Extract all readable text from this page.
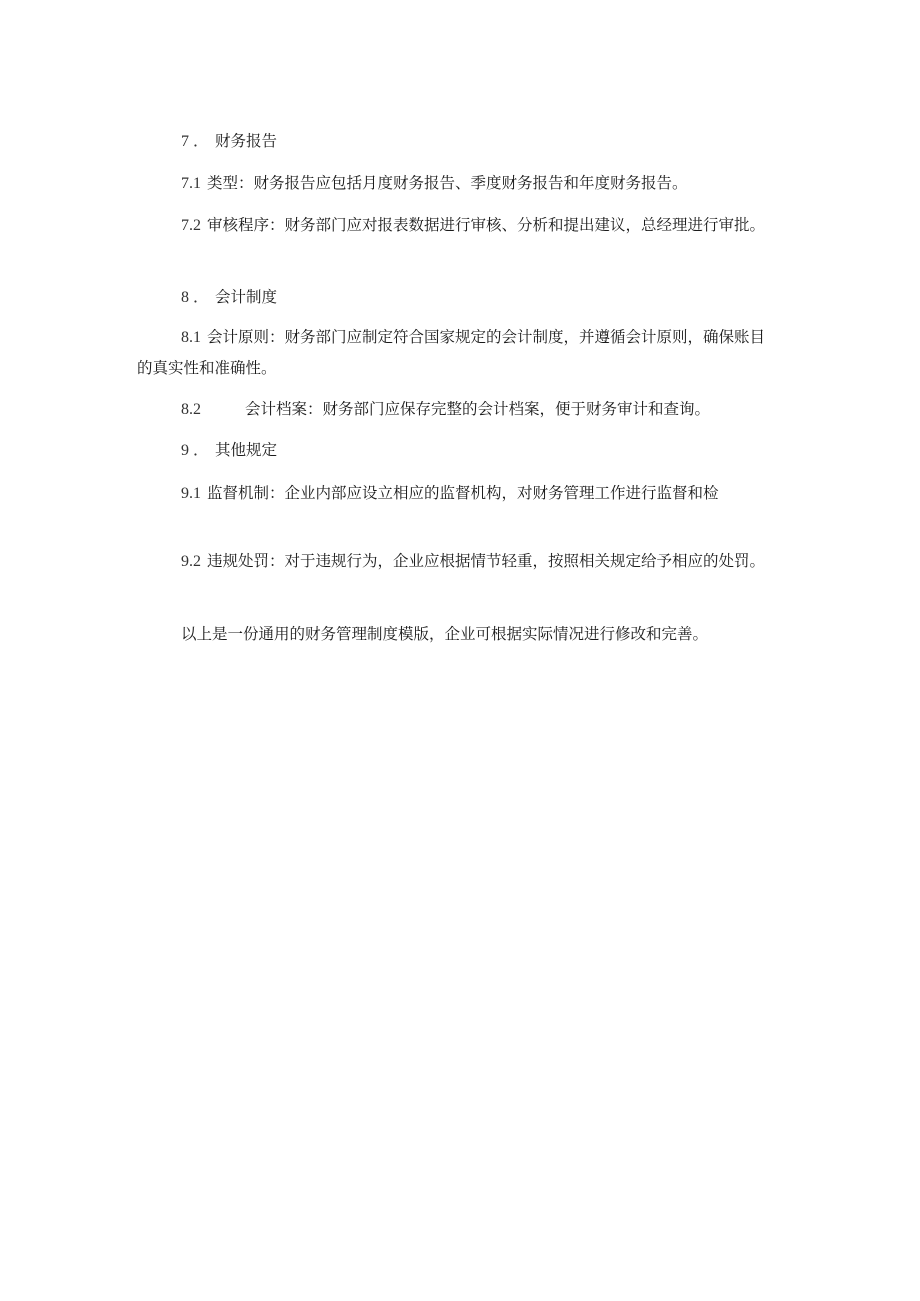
7 ． 财务报告
7.1 类型：财务报告应包括月度财务报告、季度财务报告和年度财务报告。
7.2 审核程序：财务部门应对报表数据进行审核、分析和提出建议，总经理进行审批。
8 ． 会计制度
8.1 会计原则：财务部门应制定符合国家规定的会计制度，并遵循会计原则，确保账目的真实性和准确性。
8.2	会计档案：财务部门应保存完整的会计档案，便于财务审计和查询。
9 ． 其他规定
9.1 监督机制：企业内部应设立相应的监督机构，对财务管理工作进行监督和检
9.2 违规处罚：对于违规行为，企业应根据情节轻重，按照相关规定给予相应的处罚。
以上是一份通用的财务管理制度模版，企业可根据实际情况进行修改和完善。
